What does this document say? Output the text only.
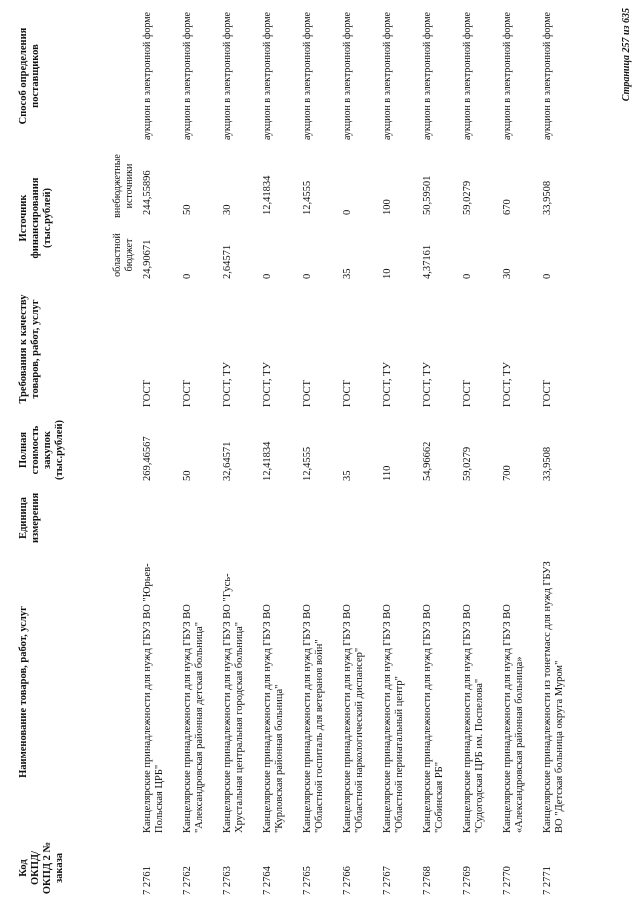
Код ОКПД/ ОКПД 2 № заказа	Наименование товаров, работ, услуг	Единица измерения	Полная стоимость закупок (тыс.рублей)	Требования к качеству товаров, работ, услуг	Источник финансирования (тыс.рублей)		Способ определения поставщиков
					областной бюджет	внебюджетные источники	
7 2761	Канцелярские принадлежности для нужд ГБУЗ ВО "Юрьев-Польская ЦРБ"		269,46567	ГОСТ	24,90671	244,55896	аукцион в электронной форме
7 2762	Канцелярские принадлежности для нужд ГБУЗ ВО "Александровская районная детская больница"		50	ГОСТ	0	50	аукцион в электронной форме
7 2763	Канцелярские принадлежности для нужд ГБУЗ ВО "Гусь-Хрустальная центральная городская больница"		32,64571	ГОСТ, ТУ	2,64571	30	аукцион в электронной форме
7 2764	Канцелярские принадлежности для нужд ГБУЗ ВО "Курловская районная больница"		12,41834	ГОСТ, ТУ	0	12,41834	аукцион в электронной форме
7 2765	Канцелярские принадлежности для нужд ГБУЗ ВО "Областной госпиталь для ветеранов войн"		12,4555	ГОСТ	0	12,4555	аукцион в электронной форме
7 2766	Канцелярские принадлежности для нужд ГБУЗ ВО "Областной наркологический диспансер"		35	ГОСТ	35	0	аукцион в электронной форме
7 2767	Канцелярские принадлежности для нужд ГБУЗ ВО "Областной перинатальный центр"		110	ГОСТ, ТУ	10	100	аукцион в электронной форме
7 2768	Канцелярские принадлежности для нужд ГБУЗ ВО "Собинская РБ"		54,96662	ГОСТ, ТУ	4,37161	50,59501	аукцион в электронной форме
7 2769	Канцелярские принадлежности для нужд ГБУЗ ВО "Судогодская ЦРБ им. Поспелова"		59,0279	ГОСТ	0	59,0279	аукцион в электронной форме
7 2770	Канцелярские принадлежности для нужд ГБУЗ ВО «Александровская районная больница»		700	ГОСТ, ТУ	30	670	аукцион в электронной форме
7 2771	Канцелярские принадлежности из тонетмасс для нужд ГБУЗ ВО "Детская больница округа Муром"		33,9508	ГОСТ	0	33,9508	аукцион в электронной форме	Страница 257 из 635
